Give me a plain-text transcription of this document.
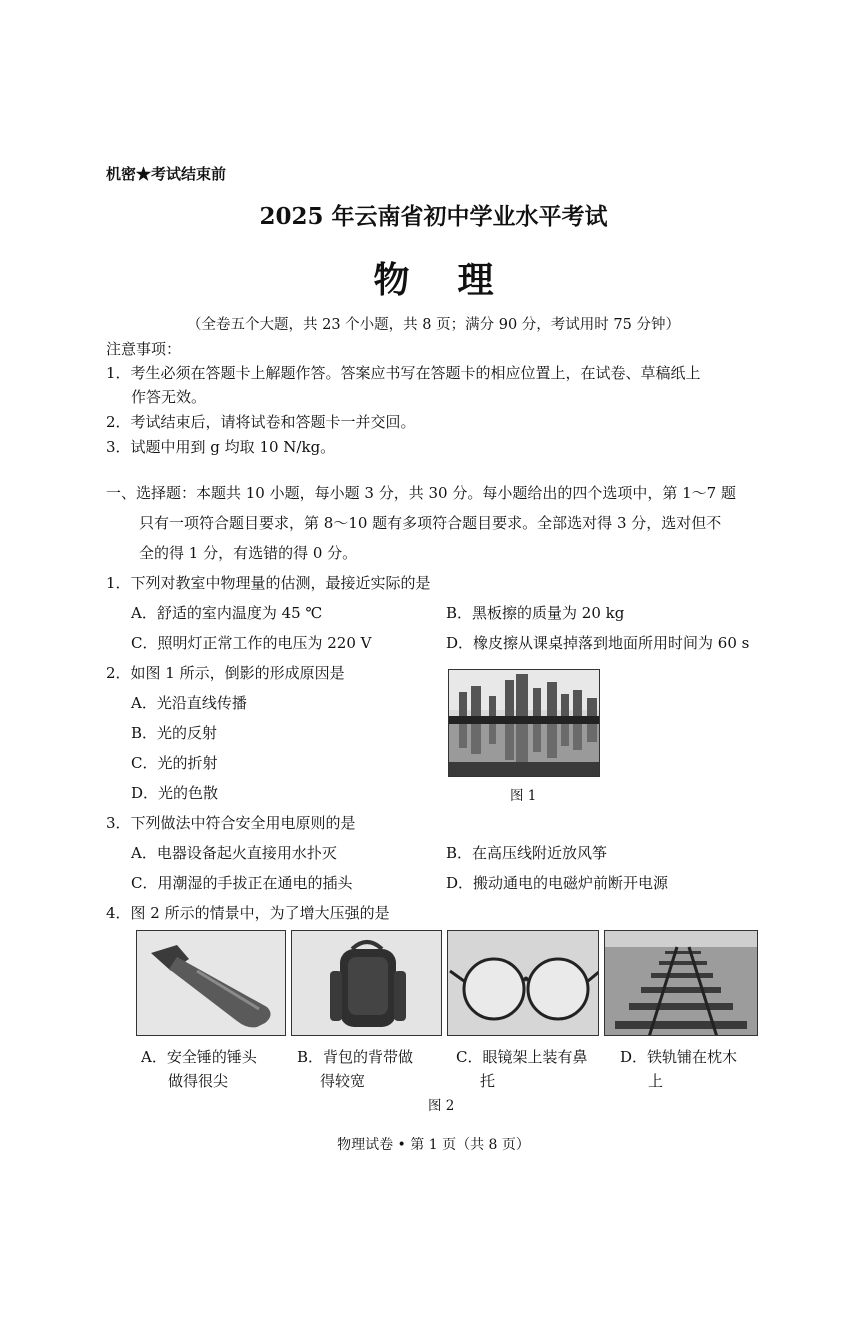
机密★考试结束前
2025 年云南省初中学业水平考试
物理
（全卷五个大题，共 23 个小题，共 8 页；满分 90 分，考试用时 75 分钟）
注意事项：
1．考生必须在答题卡上解题作答。答案应书写在答题卡的相应位置上，在试卷、草稿纸上
作答无效。
2．考试结束后，请将试卷和答题卡一并交回。
3．试题中用到 g 均取 10 N/kg。
一、选择题：本题共 10 小题，每小题 3 分，共 30 分。每小题给出的四个选项中，第 1～7 题
只有一项符合题目要求，第 8～10 题有多项符合题目要求。全部选对得 3 分，选对但不
全的得 1 分，有选错的得 0 分。
1．下列对教室中物理量的估测，最接近实际的是
A．舒适的室内温度为 45 ℃	B．黑板擦的质量为 20 kg
C．照明灯正常工作的电压为 220 V	D．橡皮擦从课桌掉落到地面所用时间为 60 s
2．如图 1 所示，倒影的形成原因是
A．光沿直线传播
B．光的反射
C．光的折射
D．光的色散	图 1
3．下列做法中符合安全用电原则的是
A．电器设备起火直接用水扑灭	B．在高压线附近放风筝
C．用潮湿的手拔正在通电的插头	D．搬动通电的电磁炉前断开电源
4．图 2 所示的情景中，为了增大压强的是
A．安全锤的锤头
做得很尖
B．背包的背带做
得较宽
C．眼镜架上装有鼻
托
D．铁轨铺在枕木
上
图 2
物理试卷 • 第 1 页（共 8 页）
